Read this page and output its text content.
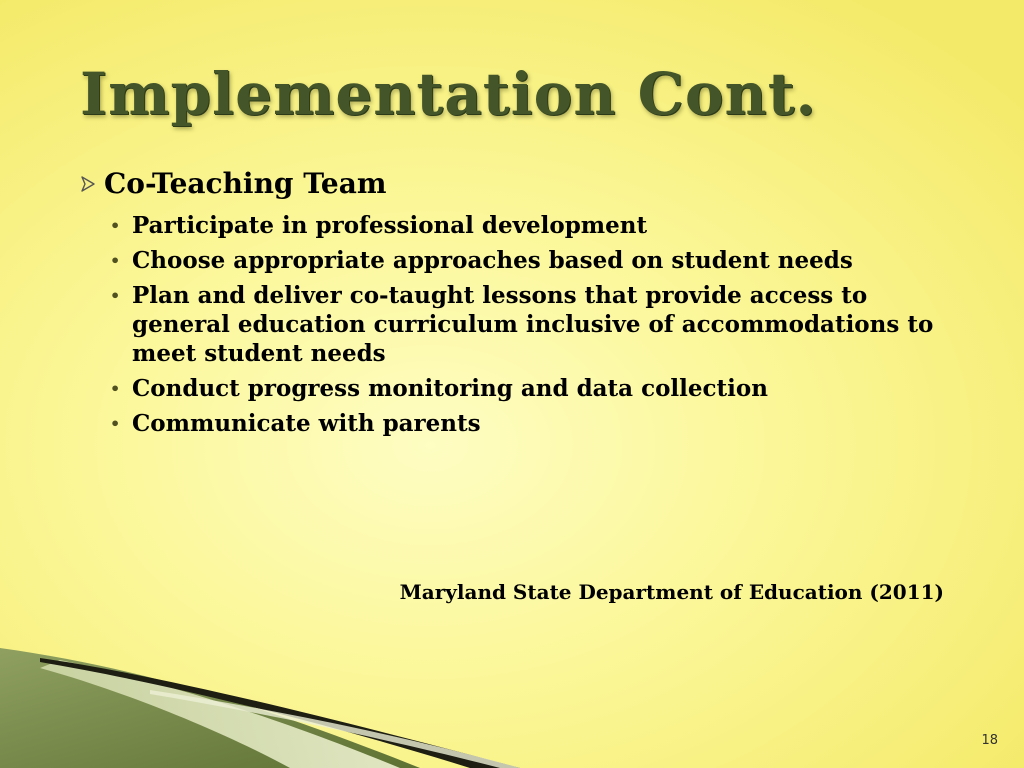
Implementation Cont.
Co-Teaching Team
• Participate in professional development
• Choose appropriate approaches based on student needs
• Plan and deliver co-taught lessons that provide access to general education curriculum inclusive of accommodations to meet student needs
• Conduct progress monitoring and data collection
• Communicate with parents
Maryland State Department of Education (2011)
18
